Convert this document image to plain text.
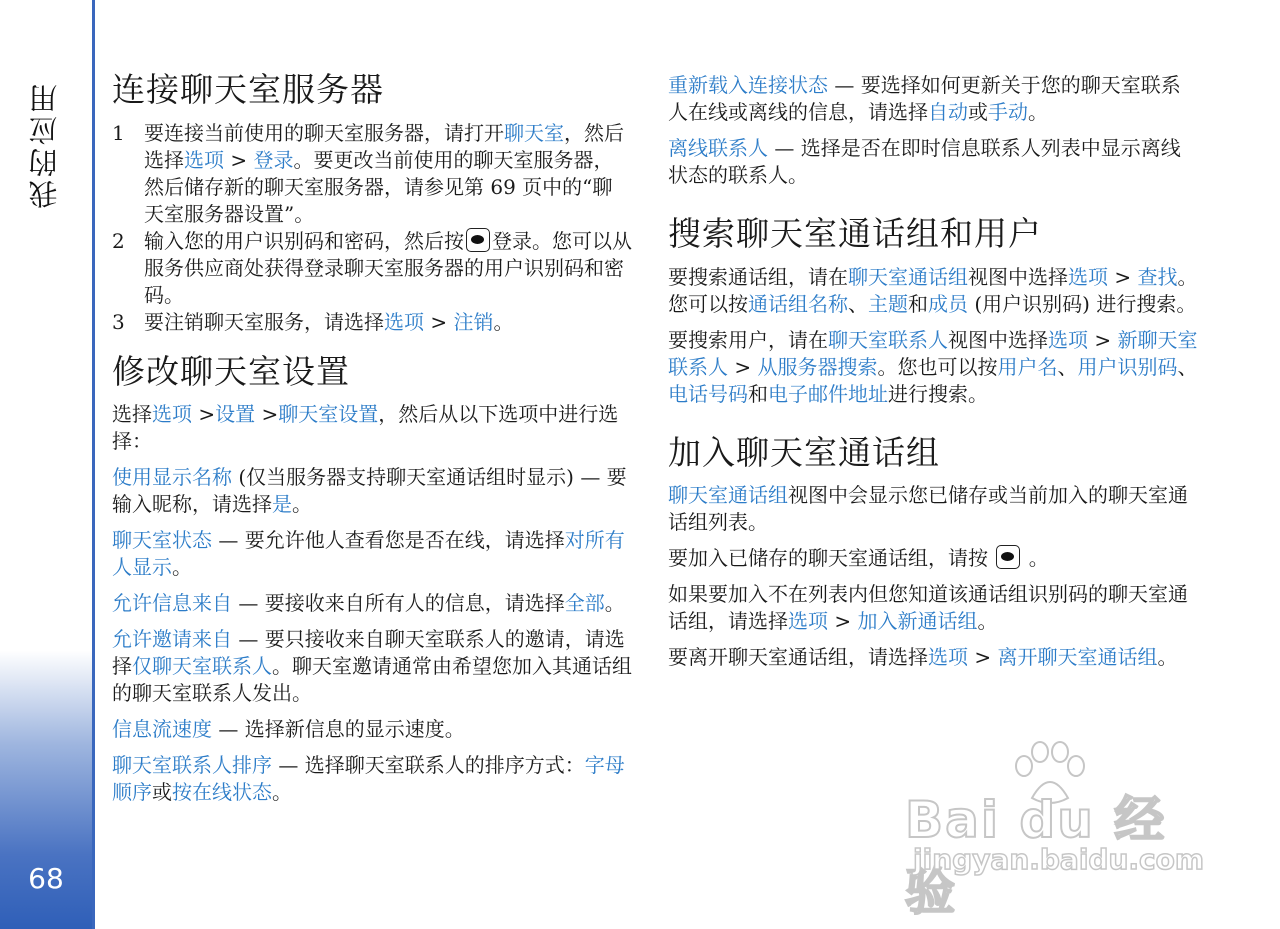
我的应用
68
连接聊天室服务器
1 要连接当前使用的聊天室服务器，请打开聊天室，然后选择选项 > 登录。要更改当前使用的聊天室服务器，然后储存新的聊天室服务器，请参见第 69 页中的“聊天室服务器设置”。
2 输入您的用户识别码和密码，然后按 登录。您可以从服务供应商处获得登录聊天室服务器的用户识别码和密码。
3 要注销聊天室服务，请选择选项 > 注销。
修改聊天室设置

选择选项 >设置 >聊天室设置，然后从以下选项中进行选择：

使用显示名称 (仅当服务器支持聊天室通话组时显示) — 要输入昵称，请选择是。

聊天室状态 — 要允许他人查看您是否在线，请选择对所有人显示。

允许信息来自 — 要接收来自所有人的信息，请选择全部。

允许邀请来自 — 要只接收来自聊天室联系人的邀请，请选择仅聊天室联系人。聊天室邀请通常由希望您加入其通话组的聊天室联系人发出。

信息流速度 — 选择新信息的显示速度。

聊天室联系人排序 — 选择聊天室联系人的排序方式：字母顺序或按在线状态。

重新载入连接状态 — 要选择如何更新关于您的聊天室联系人在线或离线的信息，请选择自动或手动。

离线联系人 — 选择是否在即时信息联系人列表中显示离线状态的联系人。

搜索聊天室通话组和用户

要搜索通话组，请在聊天室通话组视图中选择选项 > 查找。您可以按通话组名称、主题和成员 (用户识别码) 进行搜索。

要搜索用户，请在聊天室联系人视图中选择选项 > 新聊天室联系人 > 从服务器搜索。您也可以按用户名、用户识别码、电话号码和电子邮件地址进行搜索。

加入聊天室通话组

聊天室通话组视图中会显示您已储存或当前加入的聊天室通话组列表。

要加入已储存的聊天室通话组，请按 。

如果要加入不在列表内但您知道该通话组识别码的聊天室通话组，请选择选项 > 加入新通话组。

要离开聊天室通话组，请选择选项 > 离开聊天室通话组。

Bai du 经验
jingyan.baidu.com
